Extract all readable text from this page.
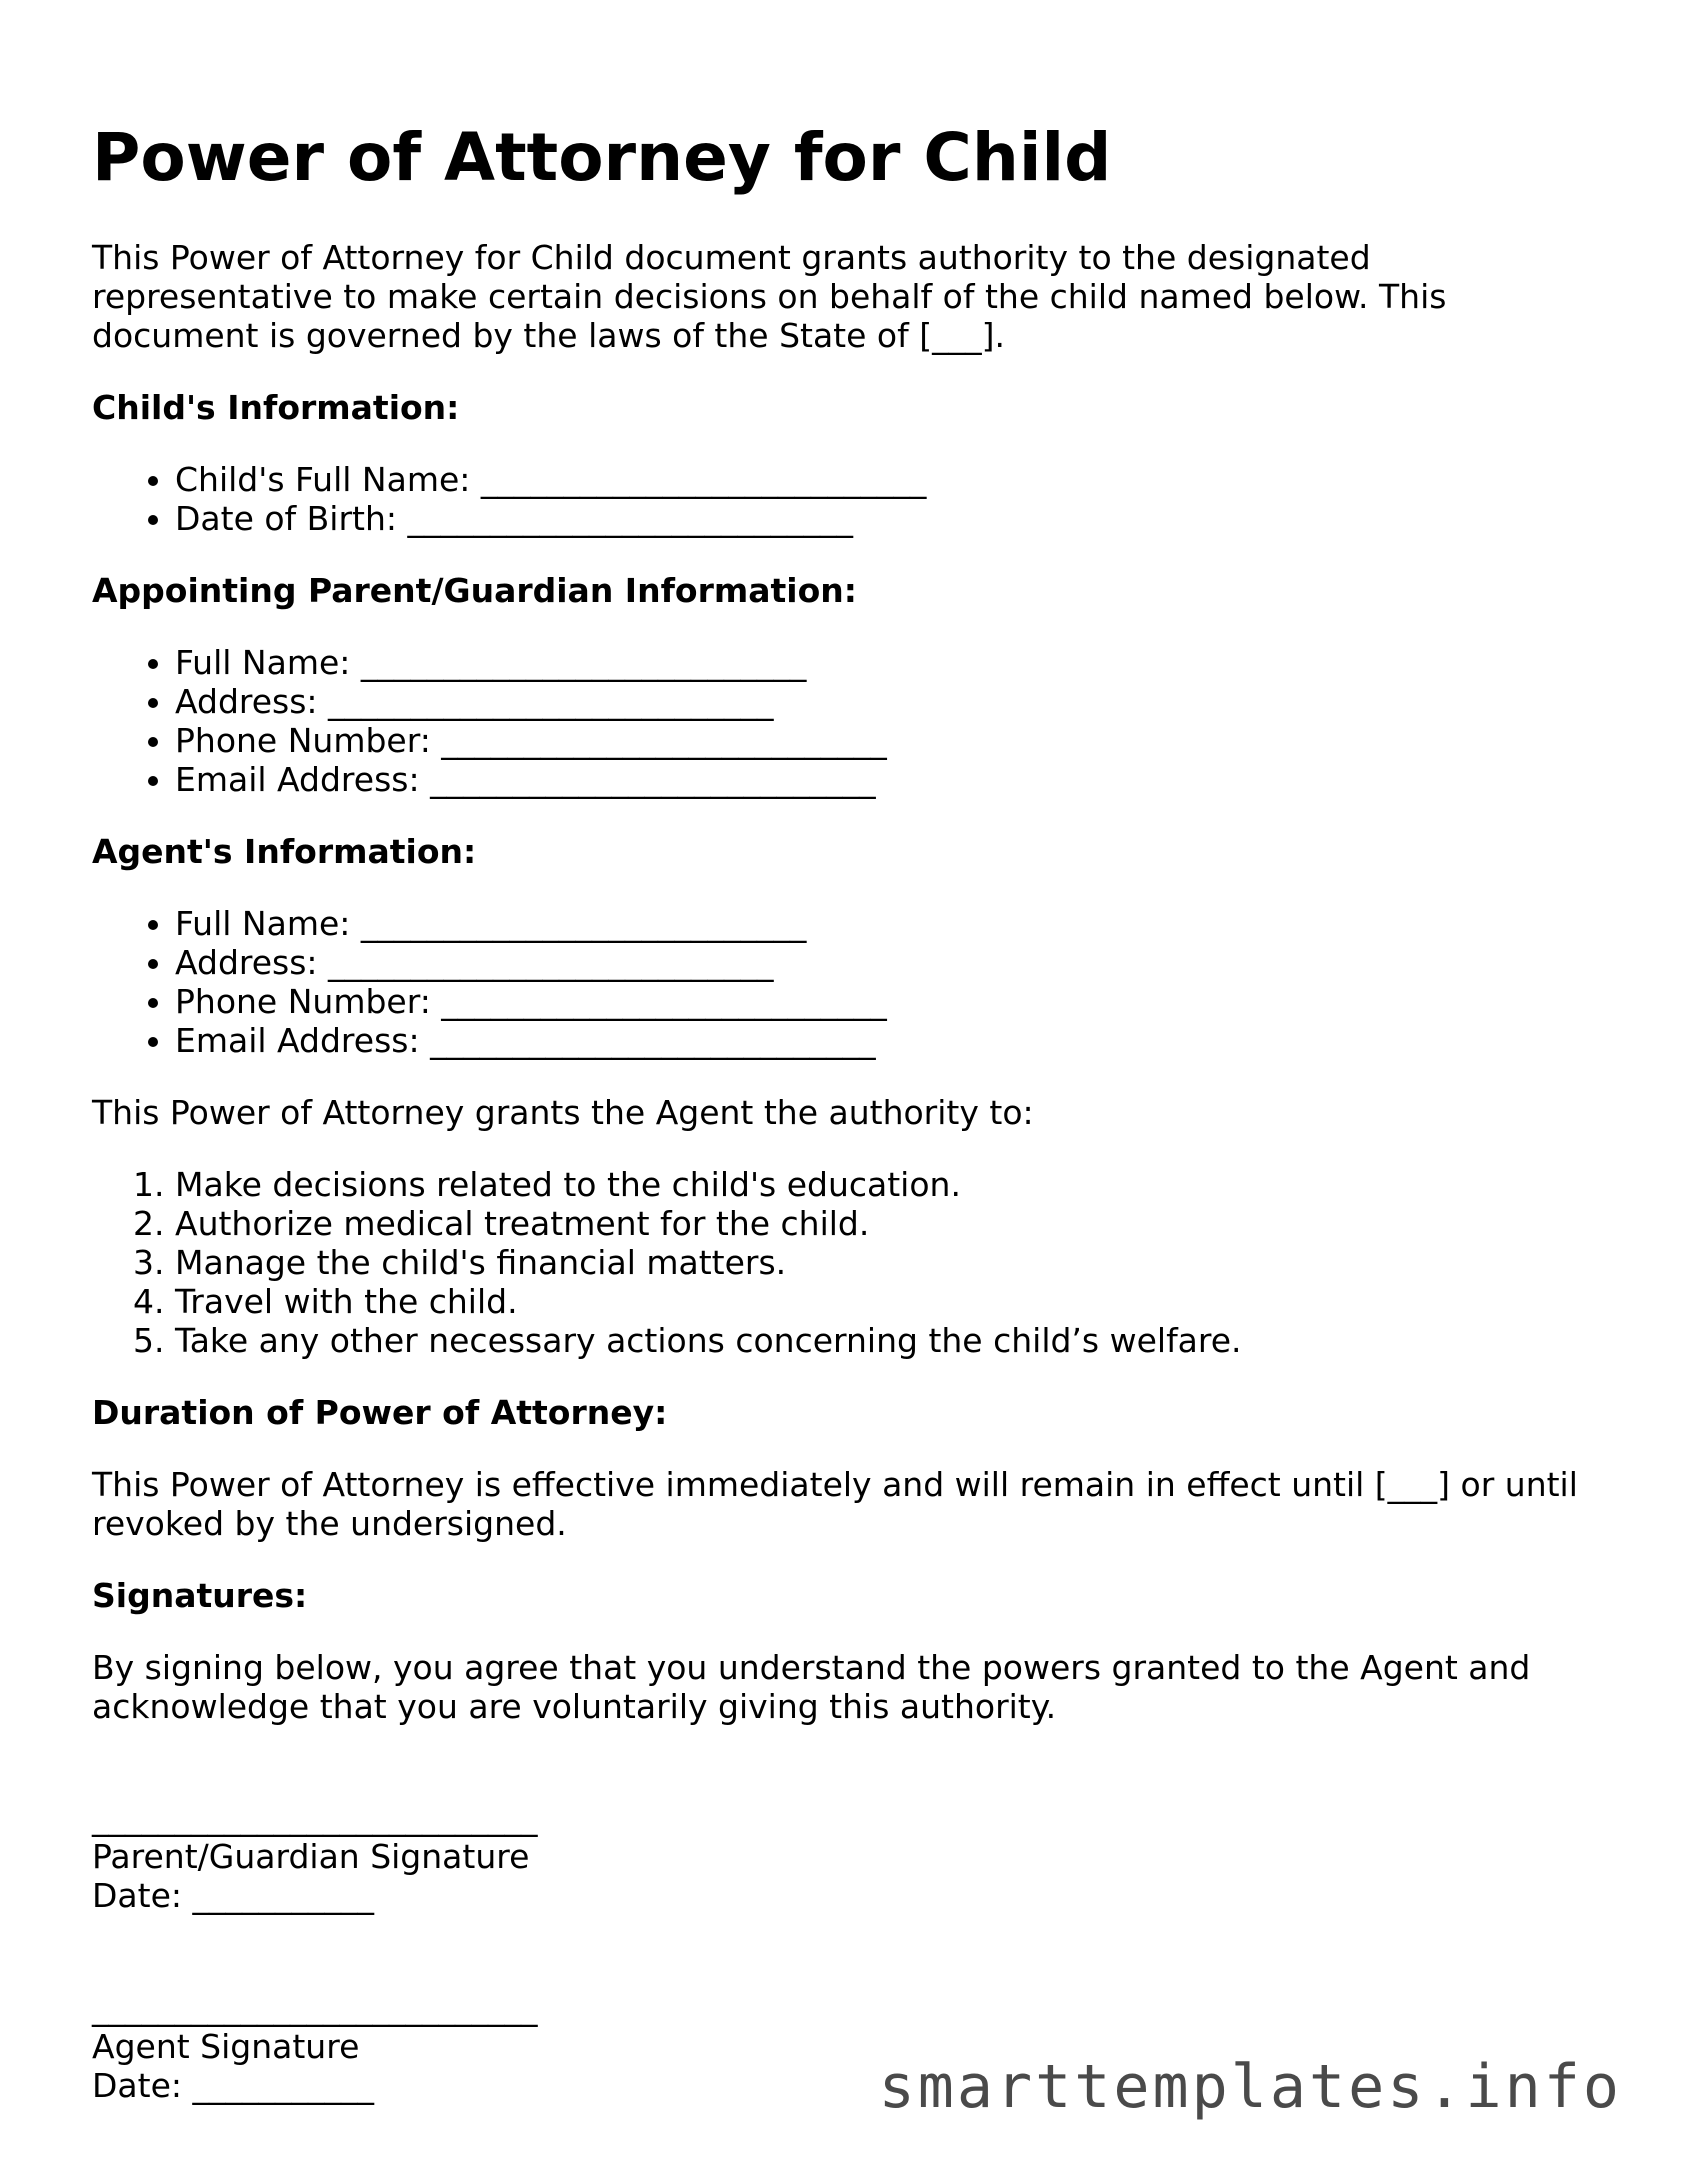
Power of Attorney for Child
This Power of Attorney for Child document grants authority to the designated representative to make certain decisions on behalf of the child named below. This document is governed by the laws of the State of [___].
Child's Information:
• Child's Full Name: ___________________________
• Date of Birth: ___________________________
Appointing Parent/Guardian Information:
• Full Name: ___________________________
• Address: ___________________________
• Phone Number: ___________________________
• Email Address: ___________________________
Agent's Information:
• Full Name: ___________________________
• Address: ___________________________
• Phone Number: ___________________________
• Email Address: ___________________________

This Power of Attorney grants the Agent the authority to:

1. Make decisions related to the child's education.
2. Authorize medical treatment for the child.
3. Manage the child's financial matters.
4. Travel with the child.
5. Take any other necessary actions concerning the child’s welfare.
Duration of Power of Attorney:

This Power of Attorney is effective immediately and will remain in effect until [___] or until revoked by the undersigned.

Signatures:

By signing below, you agree that you understand the powers granted to the Agent and acknowledge that you are voluntarily giving this authority.

___________________________
Parent/Guardian Signature
Date: ___________
___________________________
Agent Signature
Date: ___________	smarttemplates.info
